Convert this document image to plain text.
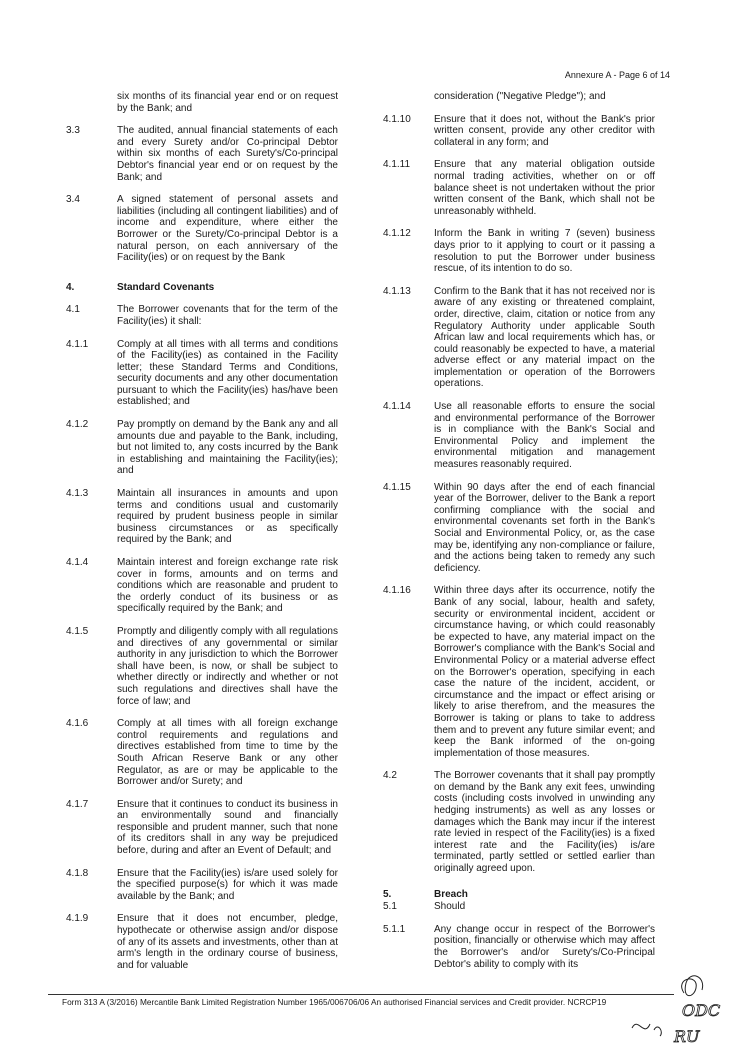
Annexure A - Page 6 of 14
six months of its financial year end or on request by the Bank; and
3.3	The audited, annual financial statements of each and every Surety and/or Co-principal Debtor within six months of each Surety's/Co-principal Debtor's financial year end or on request by the Bank; and
3.4	A signed statement of personal assets and liabilities (including all contingent liabilities) and of income and expenditure, where either the Borrower or the Surety/Co-principal Debtor is a natural person, on each anniversary of the Facility(ies) or on request by the Bank
4.	Standard Covenants
4.1	The Borrower covenants that for the term of the Facility(ies) it shall:
4.1.1	Comply at all times with all terms and conditions of the Facility(ies) as contained in the Facility letter; these Standard Terms and Conditions, security documents and any other documentation pursuant to which the Facility(ies) has/have been established; and
4.1.2	Pay promptly on demand by the Bank any and all amounts due and payable to the Bank, including, but not limited to, any costs incurred by the Bank in establishing and maintaining the Facility(ies); and
4.1.3	Maintain all insurances in amounts and upon terms and conditions usual and customarily required by prudent business people in similar business circumstances or as specifically required by the Bank; and
4.1.4	Maintain interest and foreign exchange rate risk cover in forms, amounts and on terms and conditions which are reasonable and prudent to the orderly conduct of its business or as specifically required by the Bank; and
4.1.5	Promptly and diligently comply with all regulations and directives of any governmental or similar authority in any jurisdiction to which the Borrower shall have been, is now, or shall be subject to whether directly or indirectly and whether or not such regulations and directives shall have the force of law; and
4.1.6	Comply at all times with all foreign exchange control requirements and regulations and directives established from time to time by the South African Reserve Bank or any other Regulator, as are or may be applicable to the Borrower and/or Surety; and
4.1.7	Ensure that it continues to conduct its business in an environmentally sound and financially responsible and prudent manner, such that none of its creditors shall in any way be prejudiced before, during and after an Event of Default; and
4.1.8	Ensure that the Facility(ies) is/are used solely for the specified purpose(s) for which it was made available by the Bank; and
4.1.9	Ensure that it does not encumber, pledge, hypothecate or otherwise assign and/or dispose of any of its assets and investments, other than at arm's length in the ordinary course of business, and for valuable
consideration ("Negative Pledge"); and
4.1.10	Ensure that it does not, without the Bank's prior written consent, provide any other creditor with collateral in any form; and
4.1.11	Ensure that any material obligation outside normal trading activities, whether on or off balance sheet is not undertaken without the prior written consent of the Bank, which shall not be unreasonably withheld.
4.1.12	Inform the Bank in writing 7 (seven) business days prior to it applying to court or it passing a resolution to put the Borrower under business rescue, of its intention to do so.
4.1.13	Confirm to the Bank that it has not received nor is aware of any existing or threatened complaint, order, directive, claim, citation or notice from any Regulatory Authority under applicable South African law and local requirements which has, or could reasonably be expected to have, a material adverse effect or any material impact on the implementation or operation of the Borrowers operations.
4.1.14	Use all reasonable efforts to ensure the social and environmental performance of the Borrower is in compliance with the Bank's Social and Environmental Policy and implement the environmental mitigation and management measures reasonably required.
4.1.15	Within 90 days after the end of each financial year of the Borrower, deliver to the Bank a report confirming compliance with the social and environmental covenants set forth in the Bank's Social and Environmental Policy, or, as the case may be, identifying any non-compliance or failure, and the actions being taken to remedy any such deficiency.
4.1.16	Within three days after its occurrence, notify the Bank of any social, labour, health and safety, security or environmental incident, accident or circumstance having, or which could reasonably be expected to have, any material impact on the Borrower's compliance with the Bank's Social and Environmental Policy or a material adverse effect on the Borrower's operation, specifying in each case the nature of the incident, accident, or circumstance and the impact or effect arising or likely to arise therefrom, and the measures the Borrower is taking or plans to take to address them and to prevent any future similar event; and keep the Bank informed of the on-going implementation of those measures.
4.2	The Borrower covenants that it shall pay promptly on demand by the Bank any exit fees, unwinding costs (including costs involved in unwinding any hedging instruments) as well as any losses or damages which the Bank may incur if the interest rate levied in respect of the Facility(ies) is a fixed interest rate and the Facility(ies) is/are terminated, partly settled or settled earlier than originally agreed upon.
5.	Breach
5.1	Should
5.1.1	Any change occur in respect of the Borrower's position, financially or otherwise which may affect the Borrower's and/or Surety's/Co-Principal Debtor's ability to comply with its
Form 313 A (3/2016) Mercantile Bank Limited Registration Number 1965/006706/06 An authorised Financial services and Credit provider. NCRCP19	ODC
RU
